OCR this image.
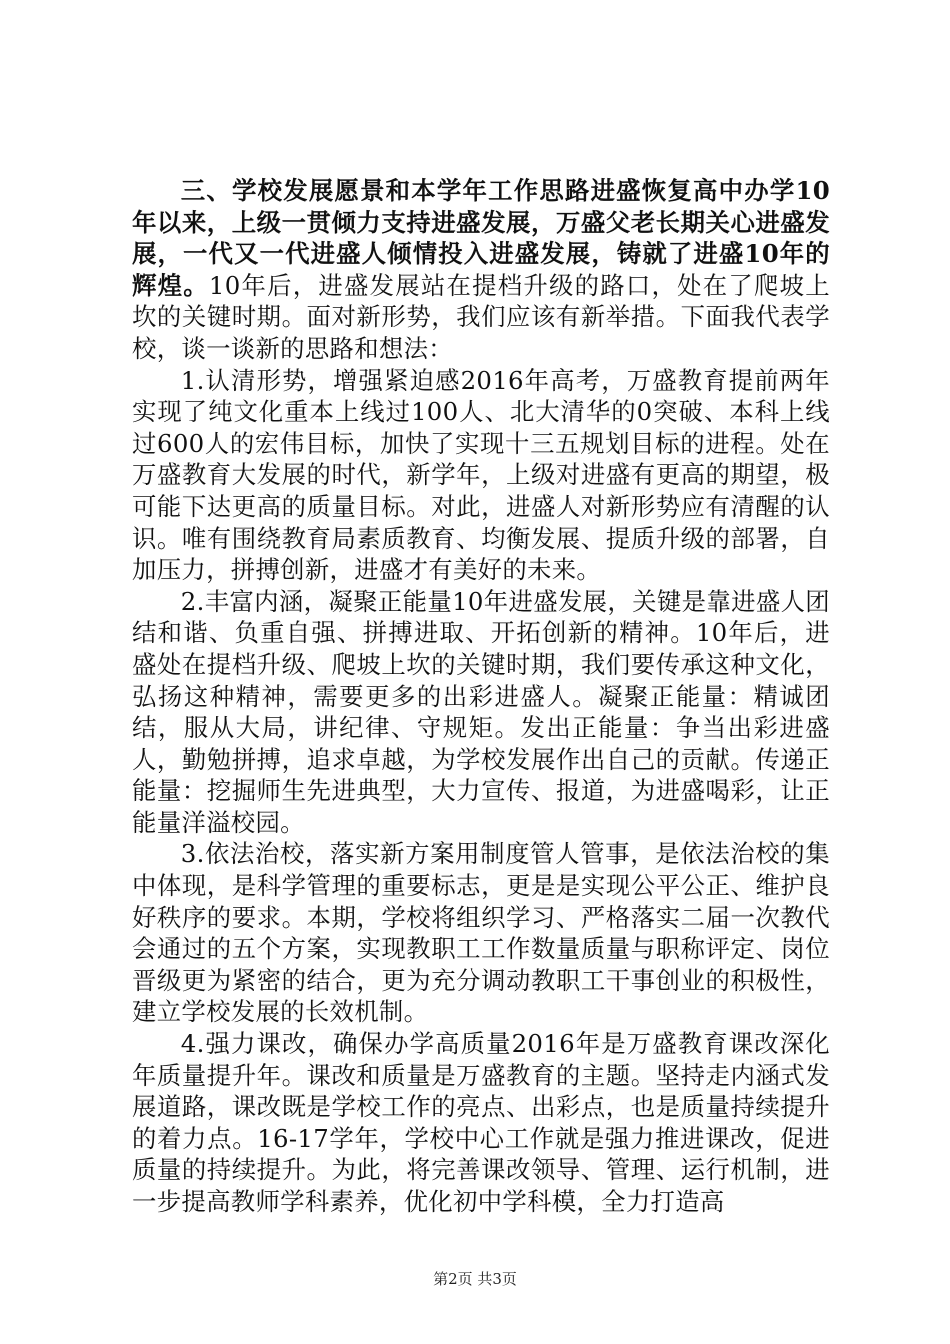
三、学校发展愿景和本学年工作思路进盛恢复高中办学10年以来，上级一贯倾力支持进盛发展，万盛父老长期关心进盛发展，一代又一代进盛人倾情投入进盛发展，铸就了进盛10年的辉煌。10年后，进盛发展站在提档升级的路口，处在了爬坡上坎的关键时期。面对新形势，我们应该有新举措。下面我代表学校，谈一谈新的思路和想法：

1.认清形势，增强紧迫感2016年高考，万盛教育提前两年实现了纯文化重本上线过100人、北大清华的0突破、本科上线过600人的宏伟目标，加快了实现十三五规划目标的进程。处在万盛教育大发展的时代，新学年，上级对进盛有更高的期望，极可能下达更高的质量目标。对此，进盛人对新形势应有清醒的认识。唯有围绕教育局素质教育、均衡发展、提质升级的部署，自加压力，拼搏创新，进盛才有美好的未来。

2.丰富内涵，凝聚正能量10年进盛发展，关键是靠进盛人团结和谐、负重自强、拼搏进取、开拓创新的精神。10年后，进盛处在提档升级、爬坡上坎的关键时期，我们要传承这种文化，弘扬这种精神，需要更多的出彩进盛人。凝聚正能量：精诚团结，服从大局，讲纪律、守规矩。发出正能量：争当出彩进盛人，勤勉拼搏，追求卓越，为学校发展作出自己的贡献。传递正能量：挖掘师生先进典型，大力宣传、报道，为进盛喝彩，让正能量洋溢校园。

3.依法治校，落实新方案用制度管人管事，是依法治校的集中体现，是科学管理的重要标志，更是是实现公平公正、维护良好秩序的要求。本期，学校将组织学习、严格落实二届一次教代会通过的五个方案，实现教职工工作数量质量与职称评定、岗位晋级更为紧密的结合，更为充分调动教职工干事创业的积极性，建立学校发展的长效机制。

4.强力课改，确保办学高质量2016年是万盛教育课改深化年质量提升年。课改和质量是万盛教育的主题。坚持走内涵式发展道路，课改既是学校工作的亮点、出彩点，也是质量持续提升的着力点。16-17学年，学校中心工作就是强力推进课改，促进质量的持续提升。为此，将完善课改领导、管理、运行机制，进一步提高教师学科素养，优化初中学科模，全力打造高

第2页 共3页
